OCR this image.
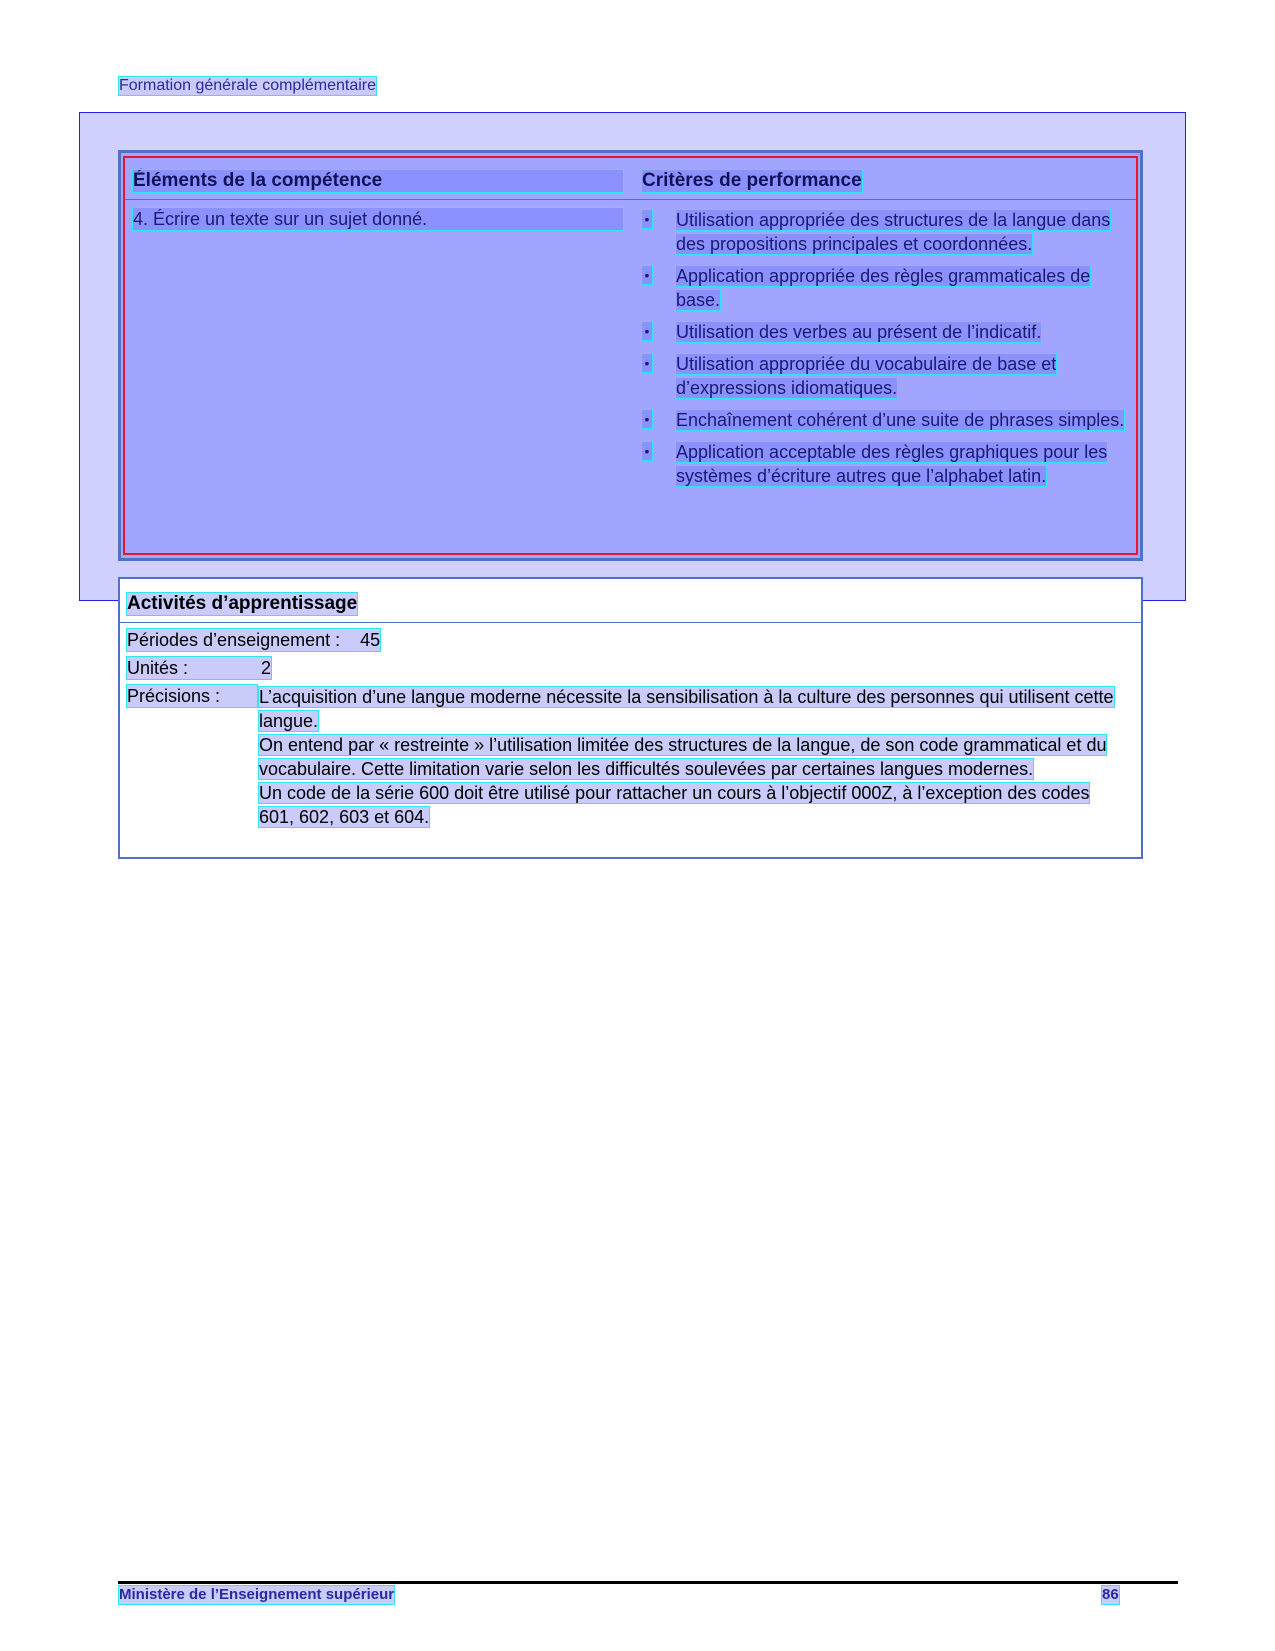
Formation générale complémentaire
Éléments de la compétence	Critères de performance
4. Écrire un texte sur un sujet donné.	• Utilisation appropriée des structures de la langue dans des propositions principales et coordonnées.
• Application appropriée des règles grammaticales de base.
• Utilisation des verbes au présent de l’indicatif.
• Utilisation appropriée du vocabulaire de base et d’expressions idiomatiques.
• Enchaînement cohérent d’une suite de phrases simples.
• Application acceptable des règles graphiques pour les systèmes d’écriture autres que l’alphabet latin.
Activités d’apprentissage
Périodes d’enseignement : 45
Unités :	2
Précisions :	L’acquisition d’une langue moderne nécessite la sensibilisation à la culture des personnes qui utilisent cette langue.

On entend par « restreinte » l’utilisation limitée des structures de la langue, de son code grammatical et du vocabulaire. Cette limitation varie selon les difficultés soulevées par certaines langues modernes.

Un code de la série 600 doit être utilisé pour rattacher un cours à l’objectif 000Z, à l’exception des codes 601, 602, 603 et 604.

Ministère de l’Enseignement supérieur	86
